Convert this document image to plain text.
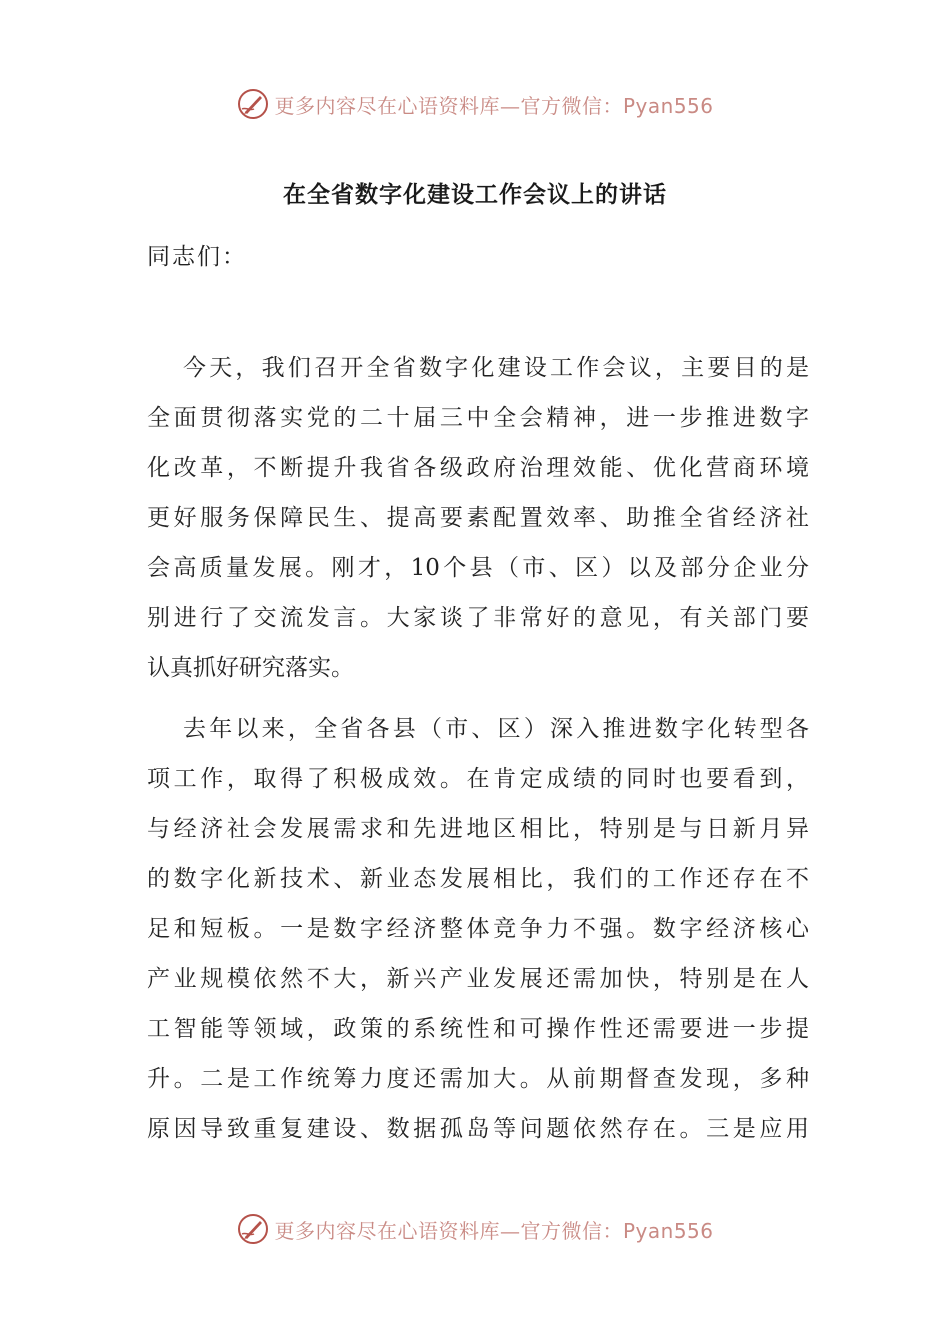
更多内容尽在心语资料库—官方微信：Pyan556
在全省数字化建设工作会议上的讲话
同志们：
今天，我们召开全省数字化建设工作会议，主要目的是
全面贯彻落实党的二十届三中全会精神，进一步推进数字
化改革，不断提升我省各级政府治理效能、优化营商环境
更好服务保障民生、提高要素配置效率、助推全省经济社
会高质量发展。刚才，10个县（市、区）以及部分企业分
别进行了交流发言。大家谈了非常好的意见，有关部门要
认真抓好研究落实。
去年以来，全省各县（市、区）深入推进数字化转型各
项工作，取得了积极成效。在肯定成绩的同时也要看到，
与经济社会发展需求和先进地区相比，特别是与日新月异
的数字化新技术、新业态发展相比，我们的工作还存在不
足和短板。一是数字经济整体竞争力不强。数字经济核心
产业规模依然不大，新兴产业发展还需加快，特别是在人
工智能等领域，政策的系统性和可操作性还需要进一步提
升。二是工作统筹力度还需加大。从前期督查发现，多种
原因导致重复建设、数据孤岛等问题依然存在。三是应用
更多内容尽在心语资料库—官方微信：Pyan556
